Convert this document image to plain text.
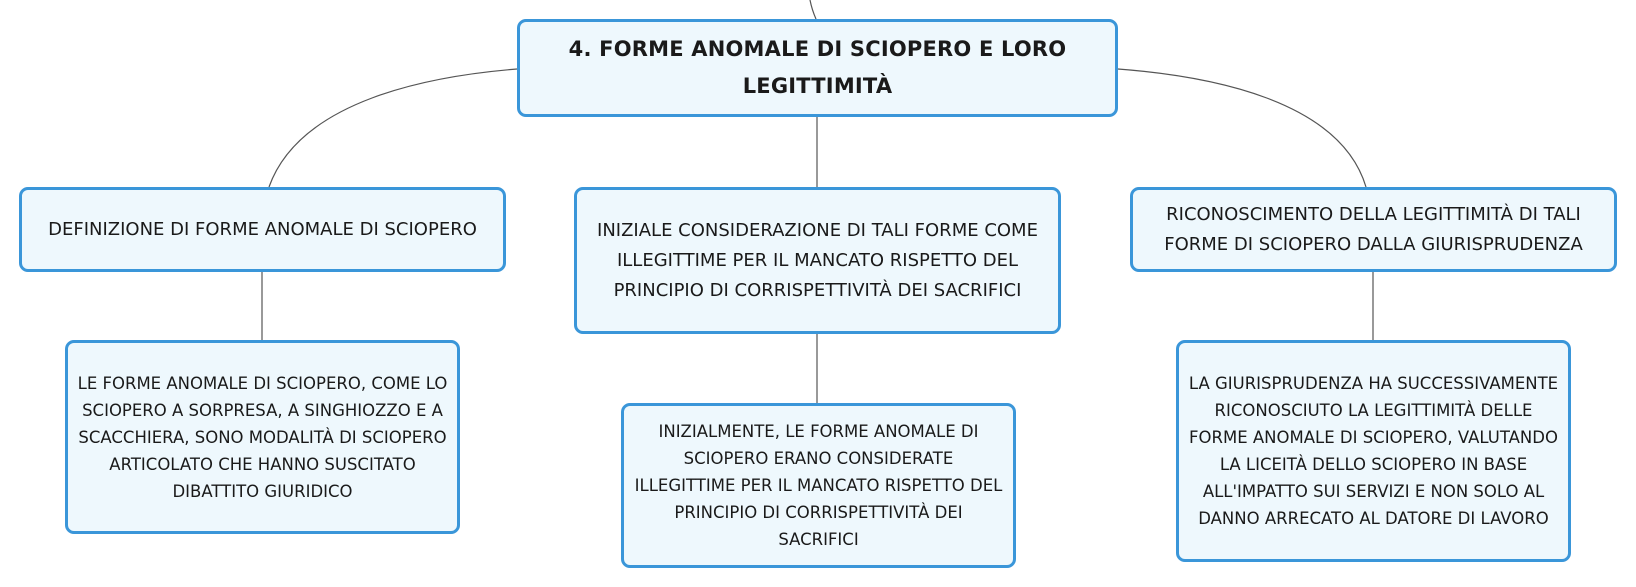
4. FORME ANOMALE DI SCIOPERO E LORO LEGITTIMITÀ
DEFINIZIONE DI FORME ANOMALE DI SCIOPERO	INIZIALE CONSIDERAZIONE DI TALI FORME COME ILLEGITTIME PER IL MANCATO RISPETTO DEL PRINCIPIO DI CORRISPETTIVITÀ DEI SACRIFICI
RICONOSCIMENTO DELLA LEGITTIMITÀ DI TALI FORME DI SCIOPERO DALLA GIURISPRUDENZA
LE FORME ANOMALE DI SCIOPERO, COME LO SCIOPERO A SORPRESA, A SINGHIOZZO E A SCACCHIERA, SONO MODALITÀ DI SCIOPERO ARTICOLATO CHE HANNO SUSCITATO DIBATTITO GIURIDICO
INIZIALMENTE, LE FORME ANOMALE DI SCIOPERO ERANO CONSIDERATE ILLEGITTIME PER IL MANCATO RISPETTO DEL PRINCIPIO DI CORRISPETTIVITÀ DEI SACRIFICI
LA GIURISPRUDENZA HA SUCCESSIVAMENTE RICONOSCIUTO LA LEGITTIMITÀ DELLE FORME ANOMALE DI SCIOPERO, VALUTANDO LA LICEITÀ DELLO SCIOPERO IN BASE ALL'IMPATTO SUI SERVIZI E NON SOLO AL DANNO ARRECATO AL DATORE DI LAVORO
